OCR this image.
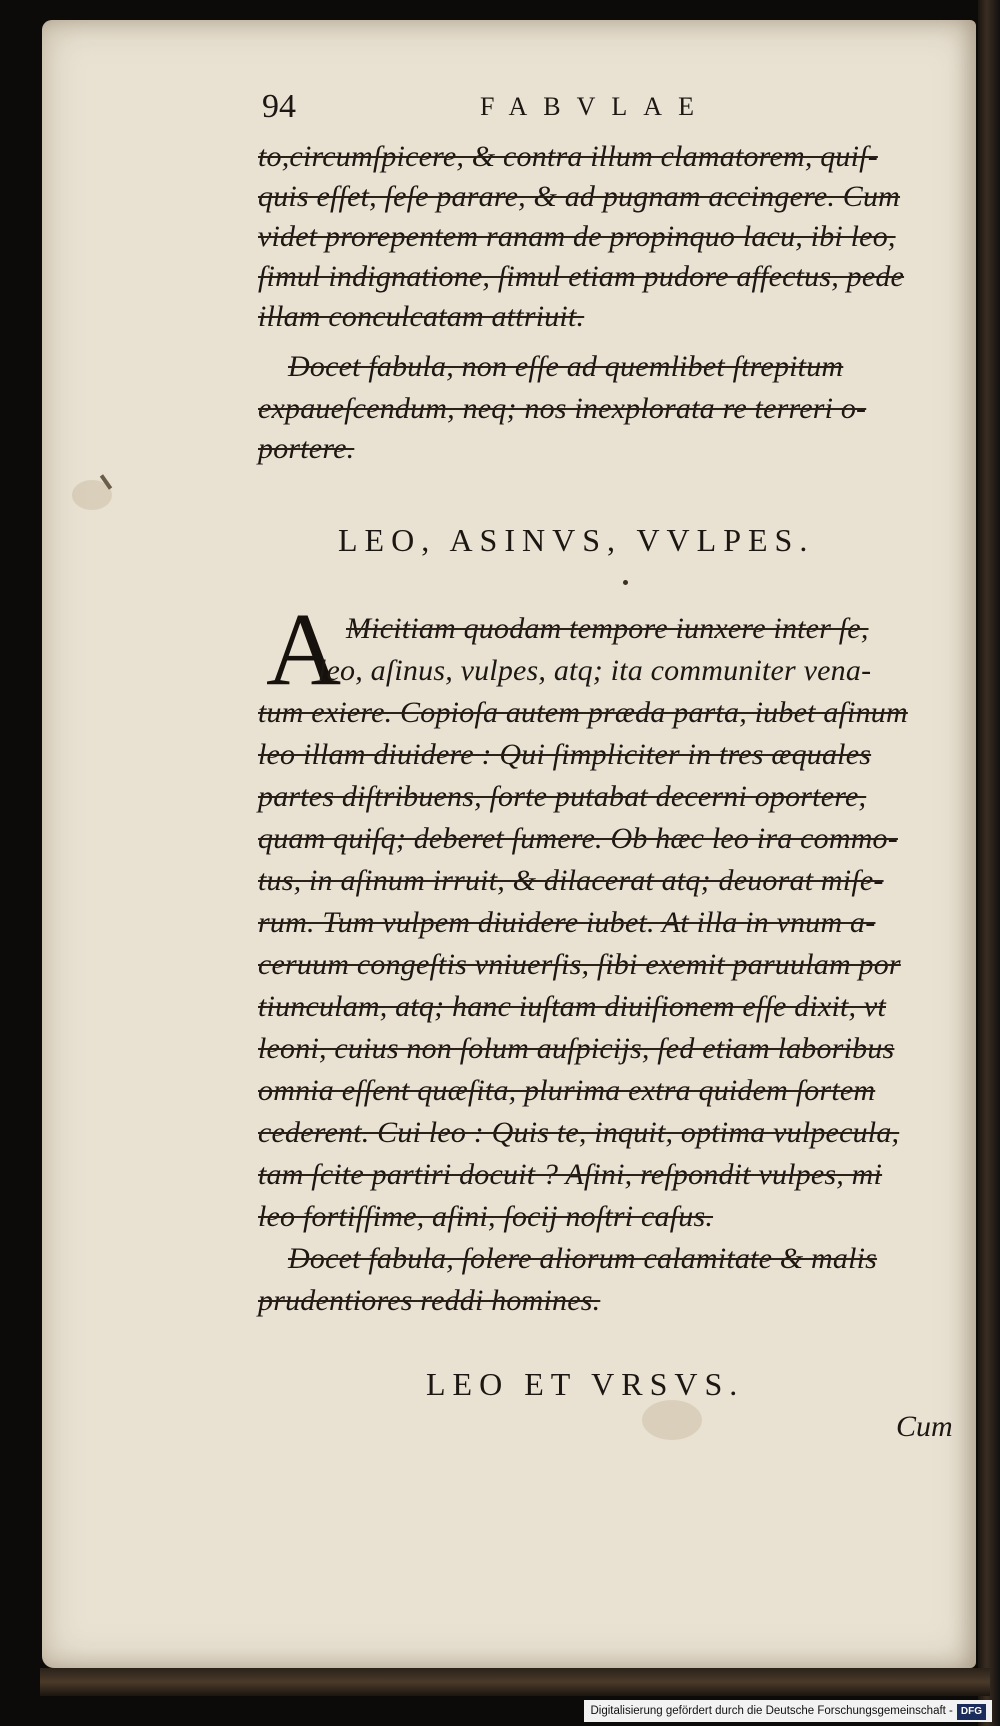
94	FABVLAE
to,circumſpicere, & contra illum clamatorem, quiſ-
quis eſſet, ſeſe parare, & ad pugnam accingere. Cum
videt prorepentem ranam de propinquo lacu, ibi leo,
ſimul indignatione, ſimul etiam pudore affectus, pede
illam conculcatam attriuit.
Docet fabula, non eſſe ad quemlibet ſtrepitum
expaueſcendum, neq; nos inexplorata re terreri o-
portere.
LEO, ASINVS, VVLPES.
A Micitiam quodam tempore iunxere inter ſe,
leo, aſinus, vulpes, atq; ita communiter vena-
tum exiere. Copioſa autem præda parta, iubet aſinum
leo illam diuidere : Qui ſimpliciter in tres æquales
partes diſtribuens, ſorte putabat decerni oportere,
quam quiſq; deberet ſumere. Ob hæc leo ira commo-
tus, in aſinum irruit, & dilacerat atq; deuorat miſe-
rum. Tum vulpem diuidere iubet. At illa in vnum a-
ceruum congeſtis vniuerſis, ſibi exemit paruulam por
tiunculam, atq; hanc iuſtam diuiſionem eſſe dixit, vt
leoni, cuius non ſolum auſpicijs, ſed etiam laboribus
omnia eſſent quæſita, plurima extra quidem ſortem
cederent. Cui leo : Quis te, inquit, optima vulpecula,
tam ſcite partiri docuit ? Aſini, reſpondit vulpes, mi
leo fortiſſime, aſini, ſocij noſtri caſus.
Docet fabula, ſolere aliorum calamitate & malis
prudentiores reddi homines.
LEO ET VRSVS.
Cum
Digitalisierung gefördert durch die Deutsche Forschungsgemeinschaft - DFG
